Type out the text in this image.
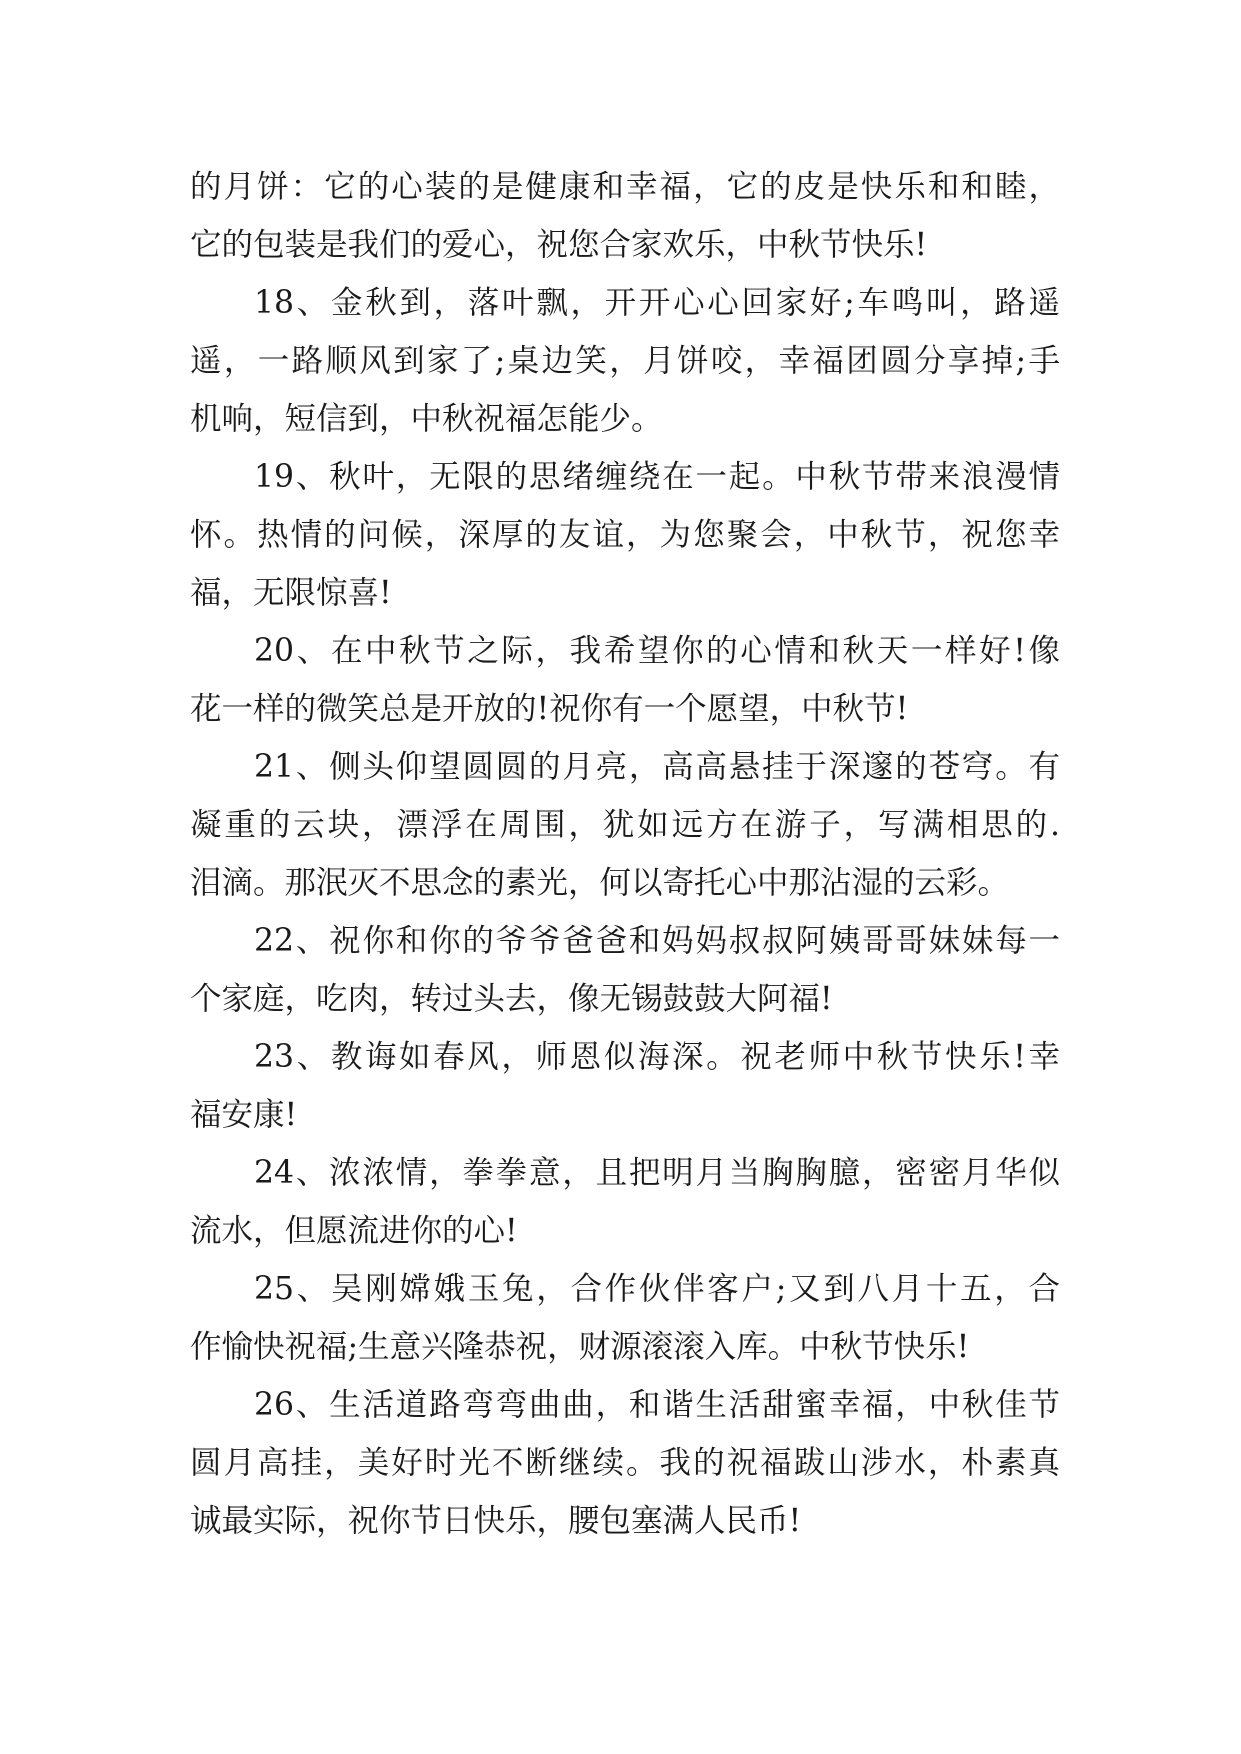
的月饼：它的心装的是健康和幸福，它的皮是快乐和和睦，
它的包装是我们的爱心，祝您合家欢乐，中秋节快乐!
18、金秋到，落叶飘，开开心心回家好;车鸣叫，路遥
遥，一路顺风到家了;桌边笑，月饼咬，幸福团圆分享掉;手
机响，短信到，中秋祝福怎能少。
19、秋叶，无限的思绪缠绕在一起。中秋节带来浪漫情
怀。热情的问候，深厚的友谊，为您聚会，中秋节，祝您幸
福，无限惊喜!
20、在中秋节之际，我希望你的心情和秋天一样好!像
花一样的微笑总是开放的!祝你有一个愿望，中秋节!
21、侧头仰望圆圆的月亮，高高悬挂于深邃的苍穹。有
凝重的云块，漂浮在周围，犹如远方在游子，写满相思的.
泪滴。那泯灭不思念的素光，何以寄托心中那沾湿的云彩。
22、祝你和你的爷爷爸爸和妈妈叔叔阿姨哥哥妹妹每一
个家庭，吃肉，转过头去，像无锡鼓鼓大阿福!
23、教诲如春风，师恩似海深。祝老师中秋节快乐!幸
福安康!
24、浓浓情，拳拳意，且把明月当胸胸臆，密密月华似
流水，但愿流进你的心!
25、吴刚嫦娥玉兔，合作伙伴客户;又到八月十五，合
作愉快祝福;生意兴隆恭祝，财源滚滚入库。中秋节快乐!
26、生活道路弯弯曲曲，和谐生活甜蜜幸福，中秋佳节
圆月高挂，美好时光不断继续。我的祝福跋山涉水，朴素真
诚最实际，祝你节日快乐，腰包塞满人民币!
